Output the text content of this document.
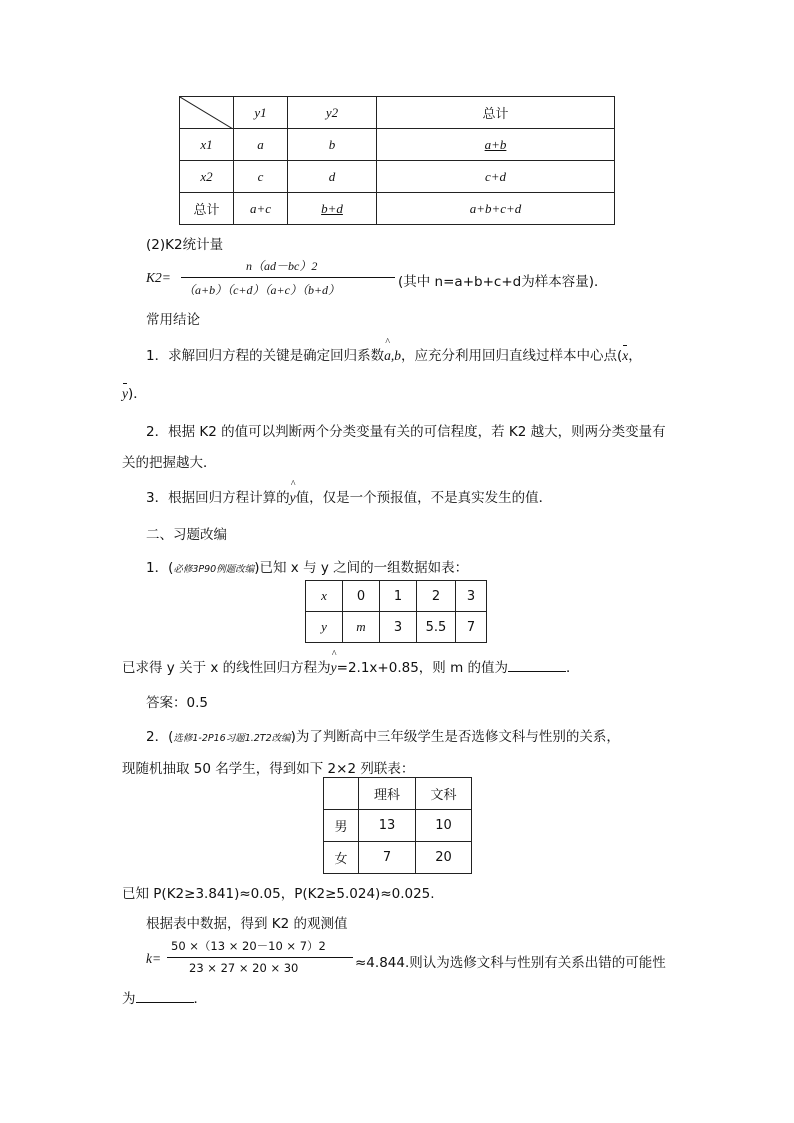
	y1	y2	总计
x1	a	b	a+b
x2	c	d	c+d
总计	a+c	b+d	a+b+c+d
(2)K2统计量
K2=
n（ad－bc）2
（a+b）（c+d）（a+c）（b+d）	(其中 n=a+b+c+d为样本容量)．
常用结论
1．求解回归方程的关键是确定回归系数^ a,b，应充分利用回归直线过样本中心点(x，
y)．
2．根据 K2 的值可以判断两个分类变量有关的可信程度，若 K2 越大，则两分类变量有
关的把握越大．
3．根据回归方程计算的^ y值，仅是一个预报值，不是真实发生的值．
二、习题改编
1．(必修3P90例题改编)已知 x 与 y 之间的一组数据如表：
x	0	1	2	3
y	m	3	5.5	7
已求得 y 关于 x 的线性回归方程为^ y=2.1x+0.85，则 m 的值为	．
答案：0.5
2．(选修1-2P16习题1.2T2改编)为了判断高中三年级学生是否选修文科与性别的关系，
现随机抽取 50 名学生，得到如下 2×2 列联表：
	理科	文科
男	13	10
女	7	20
已知 P(K2≥3.841)≈0.05，P(K2≥5.024)≈0.025.
根据表中数据，得到 K2 的观测值
k=
50 ×（13 × 20－10 × 7）2
23 × 27 × 20 × 30	≈4.844.则认为选修文科与性别有关系出错的可能性
为	．
